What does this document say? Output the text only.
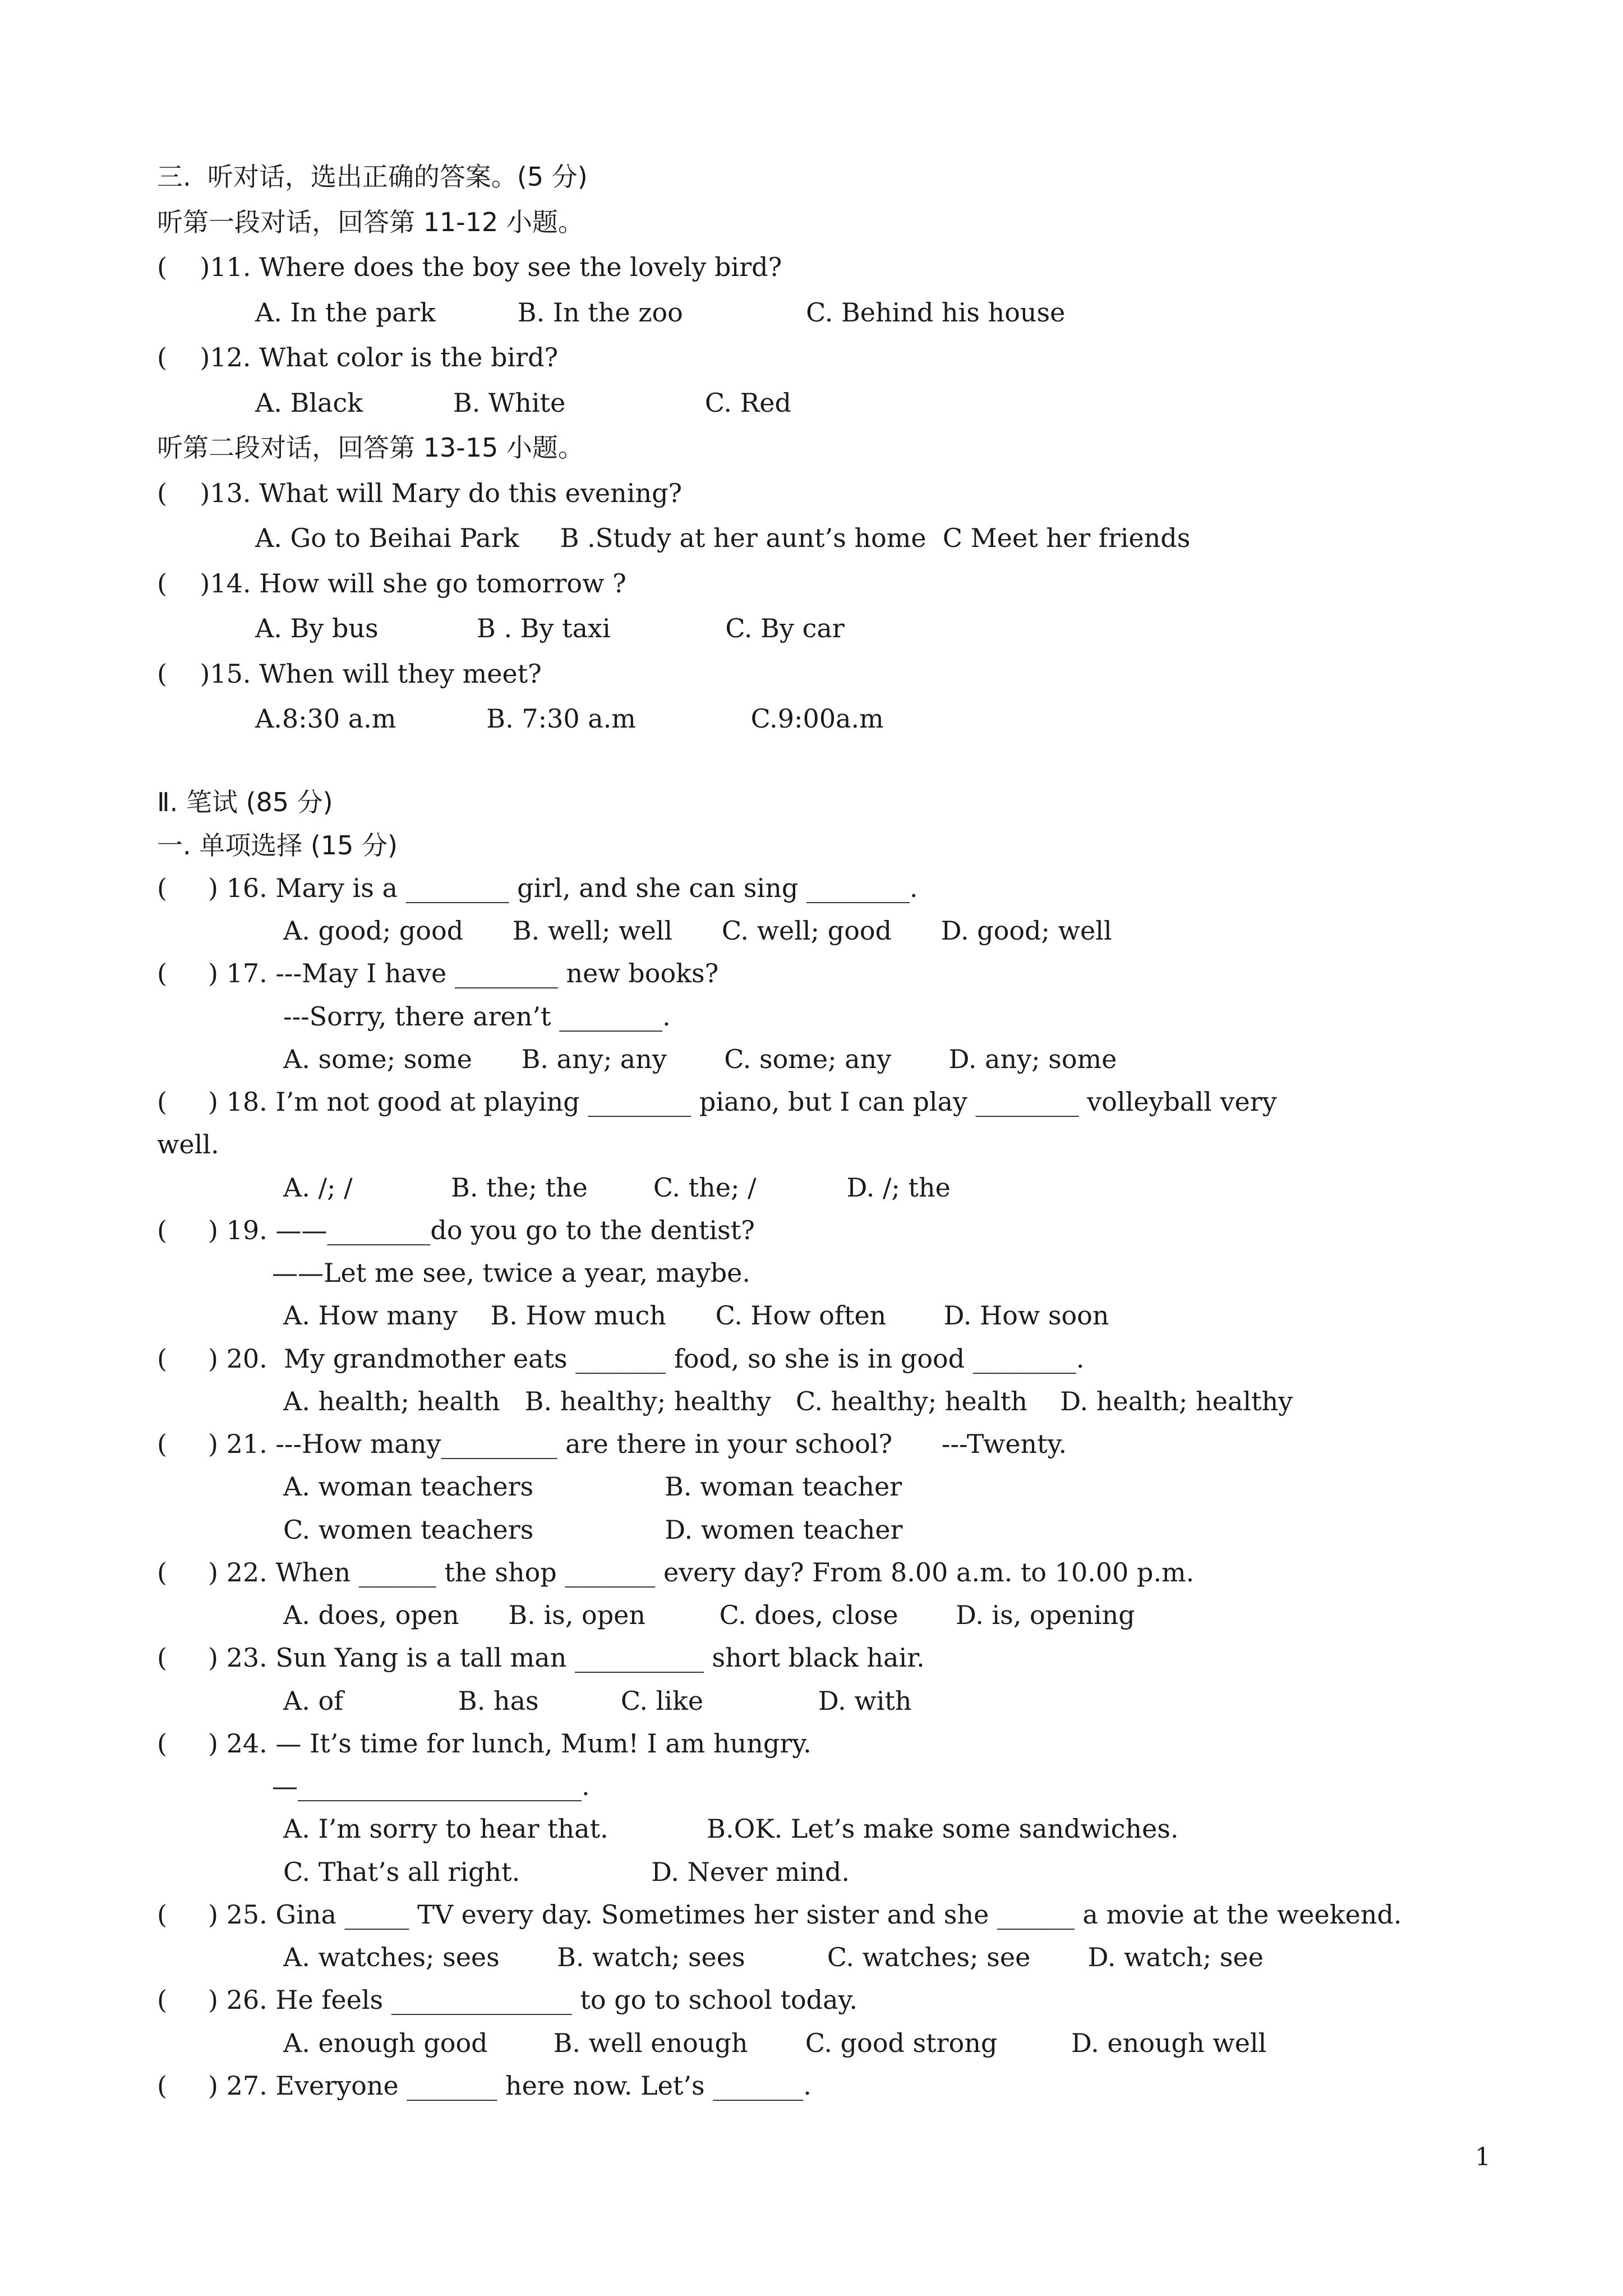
三.  听对话，选出正确的答案。(5 分)
听第一段对话，回答第 11-12 小题。
(    )11. Where does the boy see the lovely bird?
A. In the park          B. In the zoo               C. Behind his house
(    )12. What color is the bird?
A. Black           B. White                 C. Red
听第二段对话，回答第 13-15 小题。
(    )13. What will Mary do this evening?
A. Go to Beihai Park     B .Study at her aunt’s home  C Meet her friends
(    )14. How will she go tomorrow ?
A. By bus            B . By taxi              C. By car
(    )15. When will they meet?
A.8:30 a.m           B. 7:30 a.m              C.9:00a.m
Ⅱ. 笔试 (85 分)
一. 单项选择 (15 分)
(     ) 16. Mary is a ________ girl, and she can sing ________.
A. good; good      B. well; well      C. well; good      D. good; well
(     ) 17. ---May I have ________ new books?
---Sorry, there aren’t ________.
A. some; some      B. any; any       C. some; any       D. any; some
(     ) 18. I’m not good at playing ________ piano, but I can play ________ volleyball very
well.
A. /; /            B. the; the        C. the; /           D. /; the
(     ) 19. ——________do you go to the dentist?
——Let me see, twice a year, maybe.
A. How many    B. How much      C. How often       D. How soon
(     ) 20.  My grandmother eats _______ food, so she is in good ________.
A. health; health   B. healthy; healthy   C. healthy; health    D. health; healthy
(     ) 21. ---How many_________ are there in your school?      ---Twenty.
A. woman teachers                B. woman teacher
C. women teachers                D. women teacher
(     ) 22. When ______ the shop _______ every day? From 8.00 a.m. to 10.00 p.m.
A. does, open      B. is, open         C. does, close       D. is, opening
(     ) 23. Sun Yang is a tall man __________ short black hair.
A. of              B. has          C. like              D. with
(     ) 24. — It’s time for lunch, Mum! I am hungry.
—______________________.
A. I’m sorry to hear that.            B.OK. Let’s make some sandwiches.
C. That’s all right.                D. Never mind.
(     ) 25. Gina _____ TV every day. Sometimes her sister and she ______ a movie at the weekend.
A. watches; sees       B. watch; sees          C. watches; see       D. watch; see
(     ) 26. He feels ______________ to go to school today.
A. enough good        B. well enough       C. good strong         D. enough well
(     ) 27. Everyone _______ here now. Let’s _______.
1
